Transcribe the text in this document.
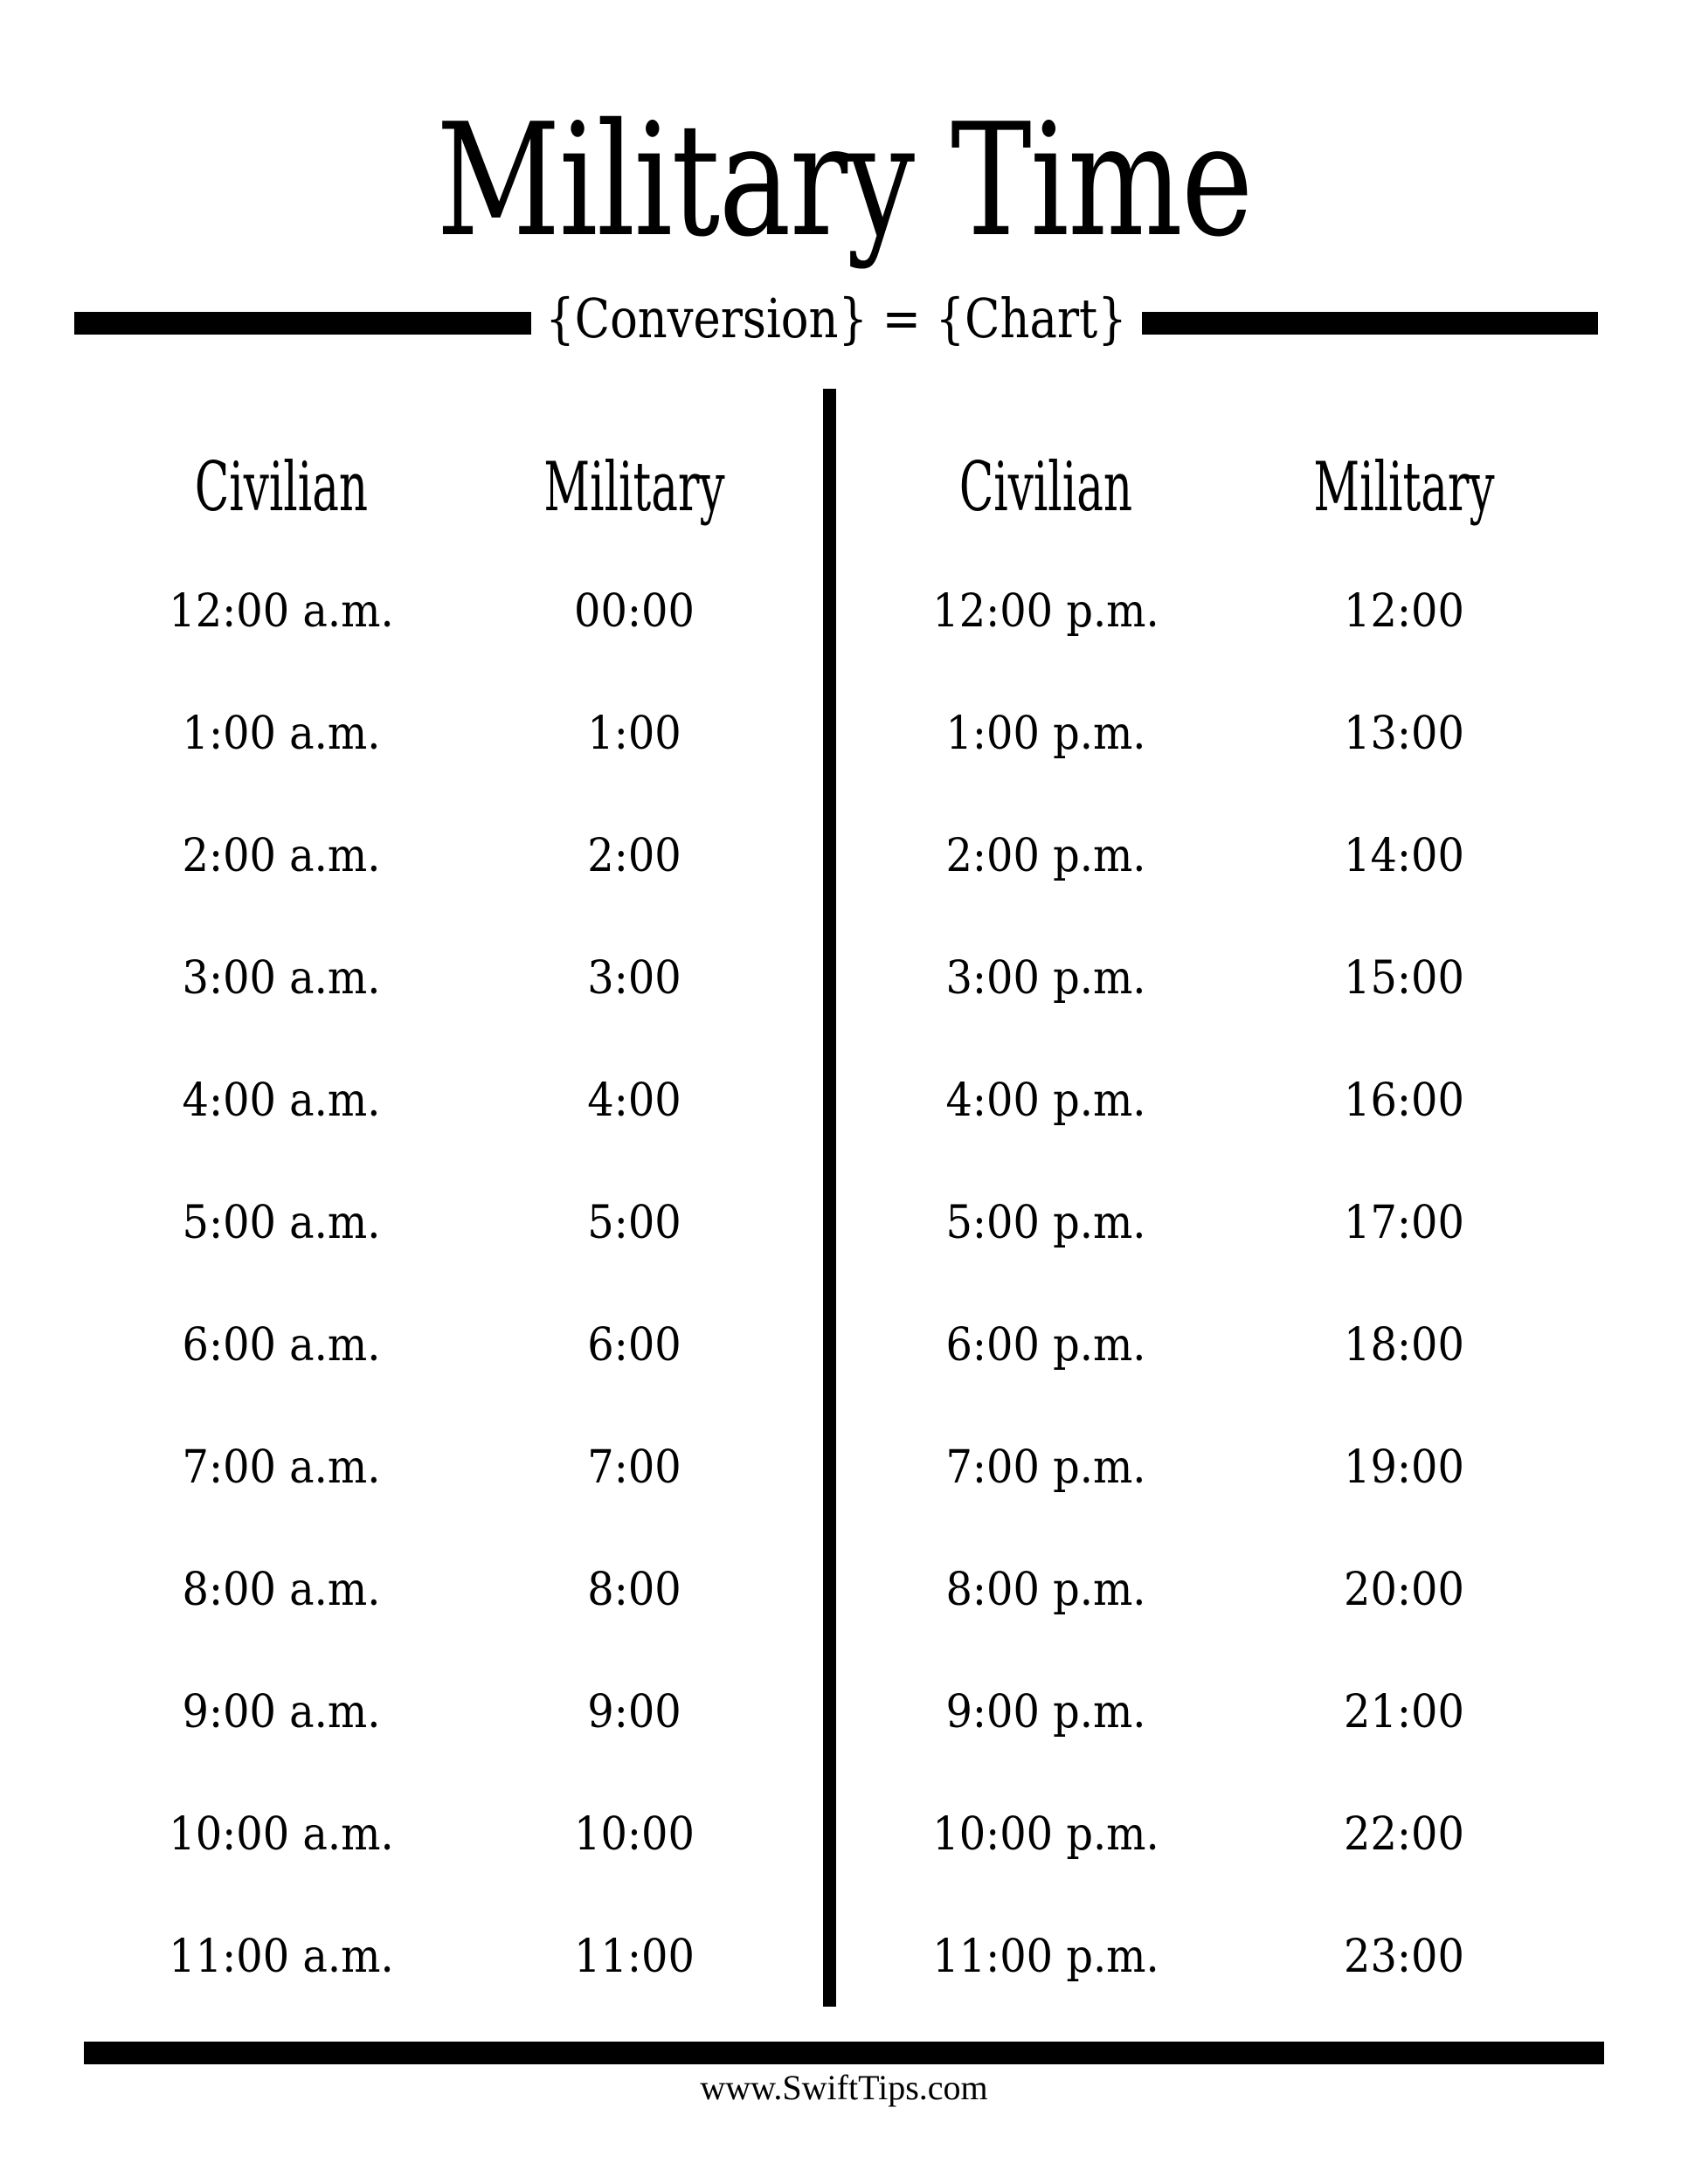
Military Time
{Conversion} = {Chart}
Civilian	Military	Civilian	Military
12:00 a.m.	00:00	12:00 p.m.	12:00
1:00 a.m.	1:00	1:00 p.m.	13:00
2:00 a.m.	2:00	2:00 p.m.	14:00
3:00 a.m.	3:00	3:00 p.m.	15:00
4:00 a.m.	4:00	4:00 p.m.	16:00
5:00 a.m.	5:00	5:00 p.m.	17:00
6:00 a.m.	6:00	6:00 p.m.	18:00
7:00 a.m.	7:00	7:00 p.m.	19:00
8:00 a.m.	8:00	8:00 p.m.	20:00
9:00 a.m.	9:00	9:00 p.m.	21:00
10:00 a.m.	10:00	10:00 p.m.	22:00
11:00 a.m.	11:00	11:00 p.m.	23:00
www.SwiftTips.com
